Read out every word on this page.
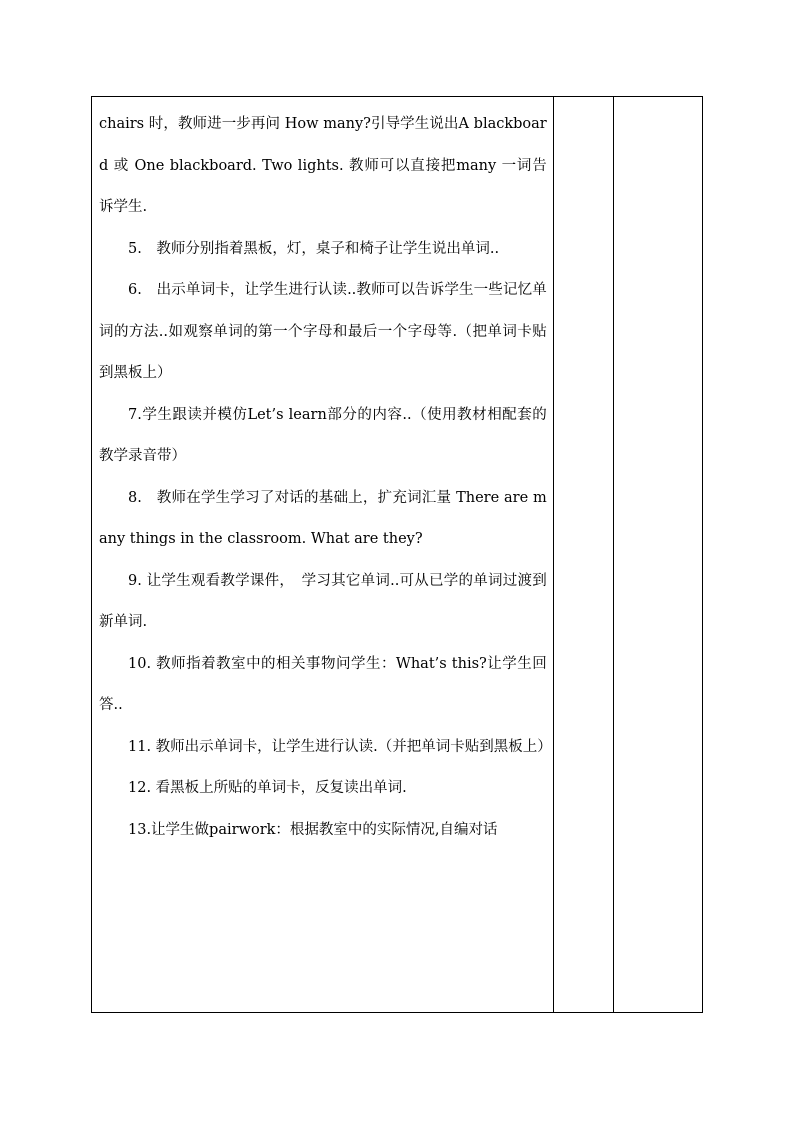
chairs 时，教师进一步再问 How many?引导学生说出A blackboard 或 One blackboard. Two lights. 教师可以直接把many 一词告诉学生.

5.　教师分别指着黑板，灯，桌子和椅子让学生说出单词..

6.　出示单词卡，让学生进行认读..教师可以告诉学生一些记忆单词的方法..如观察单词的第一个字母和最后一个字母等.（把单词卡贴到黑板上）

7.学生跟读并模仿Let’s learn部分的内容..（使用教材相配套的教学录音带）

8.　教师在学生学习了对话的基础上，扩充词汇量 There are many things in the classroom. What are they?

9. 让学生观看教学课件，　学习其它单词..可从已学的单词过渡到新单词.

10. 教师指着教室中的相关事物问学生：What’s this?让学生回答..

11. 教师出示单词卡，让学生进行认读.（并把单词卡贴到黑板上）

12. 看黑板上所贴的单词卡，反复读出单词.

13.让学生做pairwork：根据教室中的实际情况,自编对话
